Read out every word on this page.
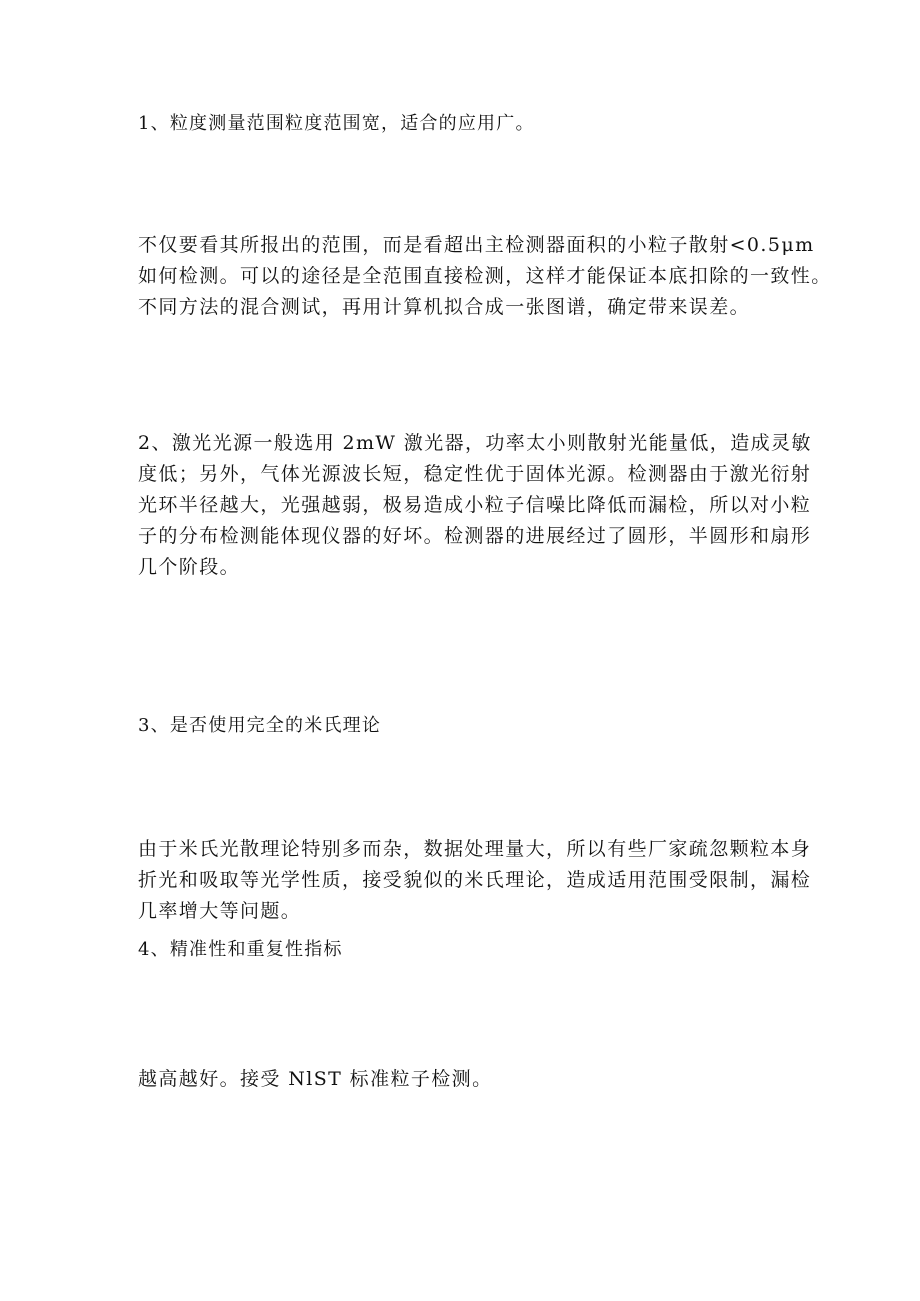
1、粒度测量范围粒度范围宽，适合的应用广。

不仅要看其所报出的范围，而是看超出主检测器面积的小粒子散射<0.5μm
如何检测。可以的途径是全范围直接检测，这样才能保证本底扣除的一致性。
不同方法的混合测试，再用计算机拟合成一张图谱，确定带来误差。
2、激光光源一般选用 2mW 激光器，功率太小则散射光能量低，造成灵敏
度低；另外，气体光源波长短，稳定性优于固体光源。检测器由于激光衍射
光环半径越大，光强越弱，极易造成小粒子信噪比降低而漏检，所以对小粒
子的分布检测能体现仪器的好坏。检测器的进展经过了圆形，半圆形和扇形
几个阶段。

3、是否使用完全的米氏理论

由于米氏光散理论特别多而杂，数据处理量大，所以有些厂家疏忽颗粒本身
折光和吸取等光学性质，接受貌似的米氏理论，造成适用范围受限制，漏检
几率增大等问题。

4、精准性和重复性指标

越高越好。接受 NlST 标准粒子检测。
